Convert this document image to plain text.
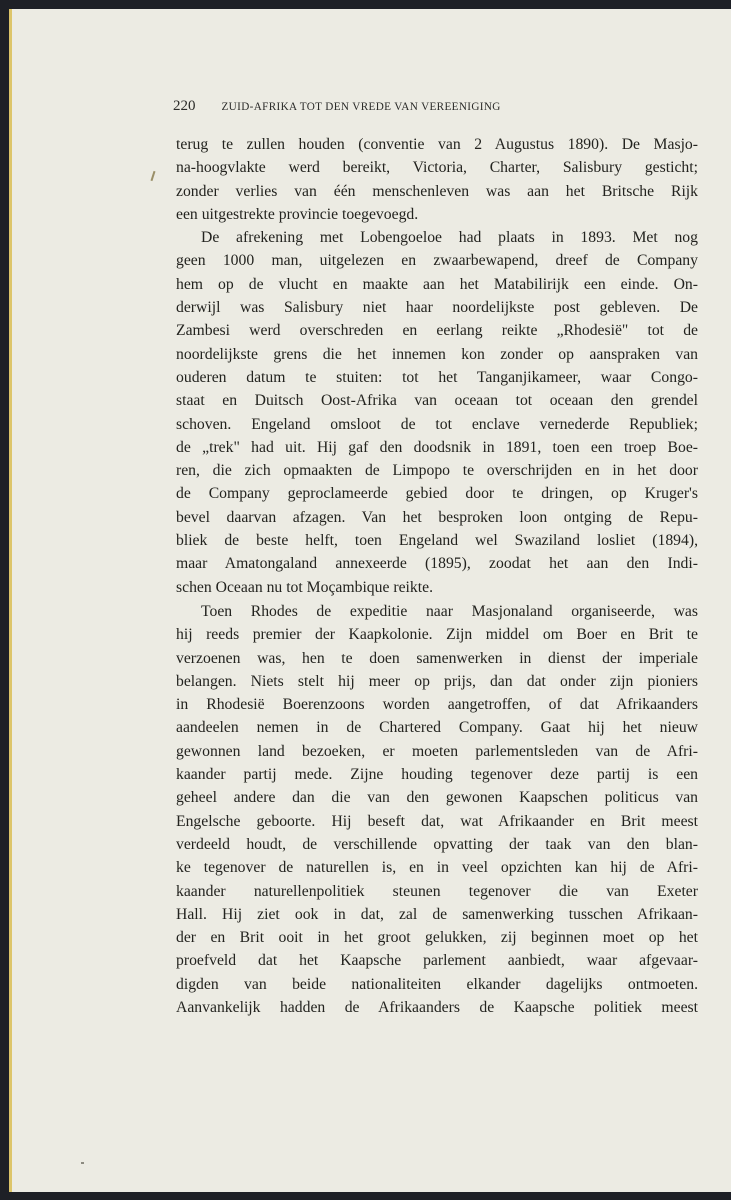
220 ZUID-AFRIKA TOT DEN VREDE VAN VEREENIGING
terug te zullen houden (conventie van 2 Augustus 1890). De Masjo-
na-hoogvlakte werd bereikt, Victoria, Charter, Salisbury gesticht;
zonder verlies van één menschenleven was aan het Britsche Rijk
een uitgestrekte provincie toegevoegd.
De afrekening met Lobengoeloe had plaats in 1893. Met nog
geen 1000 man, uitgelezen en zwaarbewapend, dreef de Company
hem op de vlucht en maakte aan het Matabilirijk een einde. On-
derwijl was Salisbury niet haar noordelijkste post gebleven. De
Zambesi werd overschreden en eerlang reikte „Rhodesië" tot de
noordelijkste grens die het innemen kon zonder op aanspraken van
ouderen datum te stuiten: tot het Tanganjikameer, waar Congo-
staat en Duitsch Oost-Afrika van oceaan tot oceaan den grendel
schoven. Engeland omsloot de tot enclave vernederde Republiek;
de „trek" had uit. Hij gaf den doodsnik in 1891, toen een troep Boe-
ren, die zich opmaakten de Limpopo te overschrijden en in het door
de Company geproclameerde gebied door te dringen, op Kruger's
bevel daarvan afzagen. Van het besproken loon ontging de Repu-
bliek de beste helft, toen Engeland wel Swaziland losliet (1894),
maar Amatongaland annexeerde (1895), zoodat het aan den Indi-
schen Oceaan nu tot Moçambique reikte.
Toen Rhodes de expeditie naar Masjonaland organiseerde, was
hij reeds premier der Kaapkolonie. Zijn middel om Boer en Brit te
verzoenen was, hen te doen samenwerken in dienst der imperiale
belangen. Niets stelt hij meer op prijs, dan dat onder zijn pioniers
in Rhodesië Boerenzoons worden aangetroffen, of dat Afrikaanders
aandeelen nemen in de Chartered Company. Gaat hij het nieuw
gewonnen land bezoeken, er moeten parlementsleden van de Afri-
kaander partij mede. Zijne houding tegenover deze partij is een
geheel andere dan die van den gewonen Kaapschen politicus van
Engelsche geboorte. Hij beseft dat, wat Afrikaander en Brit meest
verdeeld houdt, de verschillende opvatting der taak van den blan-
ke tegenover de naturellen is, en in veel opzichten kan hij de Afri-
kaander naturellenpolitiek steunen tegenover die van Exeter
Hall. Hij ziet ook in dat, zal de samenwerking tusschen Afrikaan-
der en Brit ooit in het groot gelukken, zij beginnen moet op het
proefveld dat het Kaapsche parlement aanbiedt, waar afgevaar-
digden van beide nationaliteiten elkander dagelijks ontmoeten.
Aanvankelijk hadden de Afrikaanders de Kaapsche politiek meest
